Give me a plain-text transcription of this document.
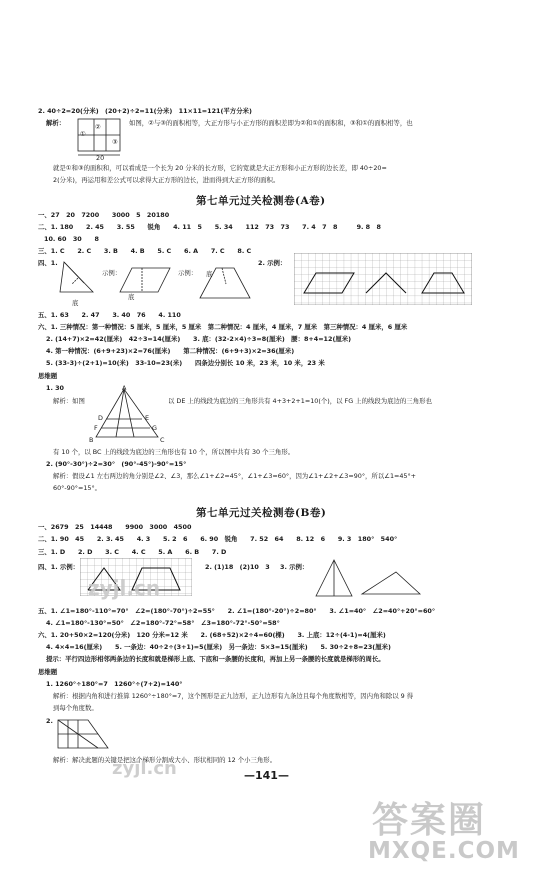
2. 40÷2=20(分米)　(20+2)÷2=11(分米)　11×11=121(平方分米)
解析：
①
②
③
20
如图，②与③的面积相等，大正方形与小正方形的面积差即为②和①的面积和，③和①的面积相等，也
就是①和③的面积和，可以看成是一个长为 20 分米的长方形，它的宽就是大正方形和小正方形的边长差，即 40÷20=
2(分米)，再运用和差公式可以求得大正方形的边长，进而得到大正方形的面积。
第七单元过关检测卷(A卷)
一、27　20　7200　　3000　5　20180
二、1. 180　　2. 45　　3. 55　　锐角　　4. 11　5　　5. 34　　112　73　73　　7. 4　7　8　　　9. 8　8
10. 60　30　　8
三、1. C　　2. C　　3. B　　4. B　　5. C　　6. A　　7. C　　8. C
四、1.
底
示例：
底
示例： 底
2. 示例：
五、1. 63　　2. 47　　3. 40　76　　4. 110
六、1. 三种情况：第一种情况：5 厘米，5 厘米，5 厘米　第二种情况：4 厘米，4 厘米，7 厘米　第三种情况：4 厘米，6 厘米
2. (14+7)×2=42(厘米)　42÷3=14(厘米)　　3. 底：(32-2×4)÷3=8(厘米)　腰：8+4=12(厘米)
4. 第一种情况：(6+9+23)×2=76(厘米)　　第二种情况：(6+9+3)×2=36(厘米)
5. (33-3)÷(2+1)=10(米)　33-10=23(米)　　四条边分别长 10 米，23 米，10 米，23 米
思维题
1. 30
解析：如图
A
D	E
F	G
B	C
以 DE 上的线段为底边的三角形共有 4+3+2+1=10(个)，以 FG 上的线段为底边的三角形也
有 10 个，以 BC 上的线段为底边的三角形也有 10 个，所以图中共有 30 个三角形。
2. (90°-30°)÷2=30°　(90°-45°)-90°=15°
解析：假设∠1 左右两边的角分别是∠2、∠3，那么∠1+∠2=45°，∠1+∠3=60°，因为∠1+∠2+∠3=90°，所以∠1=45°+
60°-90°=15°。
第七单元过关检测卷(B卷)
一、2679　25　14448　　9900　3000　4500
二、1. 90　45　　2. 3. 45　　4. 3　　5. 2　6　　6. 90　锐角　　7. 52　64　　8. 12　6　　9. 3　180°　540°
三、1. D　　2. D　　3. C　　4. C　　5. A　　6. B　　7. D
四、1. 示例：	2. (1)18　(2)10　3 3. 示例：
五、1. ∠1=180°-110°=70°　∠2=(180°-70°)÷2=55°　　2. ∠1=(180°-20°)÷2=80°　　3. ∠1=40°　∠2=40°+20°=60°
4. ∠1=180°-130°=50°　∠2=180°-72°=58°　∠3=180°-72°-50°=58°
六、1. 20+50×2=120(分米)　120 分米=12 米　　2. (68+52)×2÷4=60(棵)　　3. 上底：12÷(4-1)=4(厘米)
4. 4×4=16(厘米)　　5. 一条边：40÷2÷(3+1)=5(厘米)　另一条边：5×3=15(厘米)　　5. 30÷2+8=23(厘米)
提示：平行四边形相邻两条边的长度和就是梯形上底、下底和一条腰的长度和，再加上另一条腰的长度就是梯形的周长。
思维题
1. 1260°÷180°=7　1260°÷(7+2)=140°
解析：根据内角和进行推算 1260°÷180°=7，这个图形是正九边形，正九边形有九条边且每个角度数相等，因内角和除以 9 得
到每个角度数。
2.
解析：解决此题的关键是把这个梯形分割成大小、形状相同的 12 个小三角形。
—141—
zyjl.cn
zyjl.cn
答案圈
MXQE.COM
